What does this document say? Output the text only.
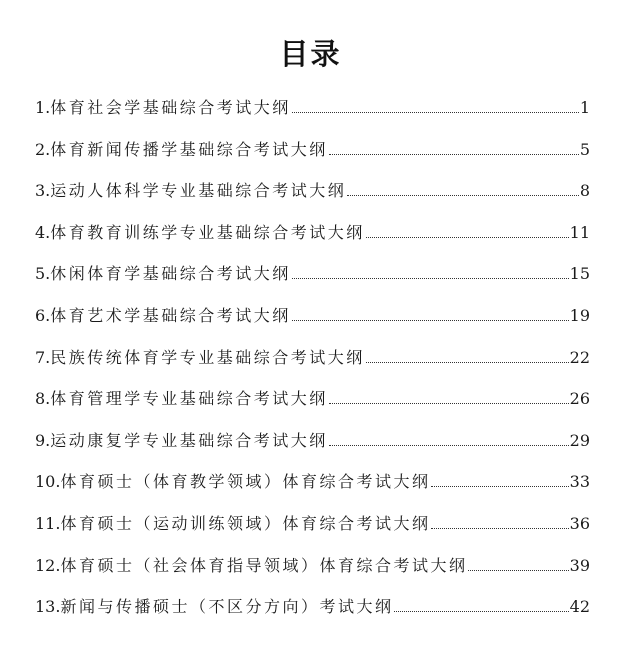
目录
1. 体育社会学基础综合考试大纲	1
2. 体育新闻传播学基础综合考试大纲	5
3. 运动人体科学专业基础综合考试大纲	8
4. 体育教育训练学专业基础综合考试大纲	11
5. 休闲体育学基础综合考试大纲	15
6. 体育艺术学基础综合考试大纲	19
7. 民族传统体育学专业基础综合考试大纲	22
8. 体育管理学专业基础综合考试大纲	26
9. 运动康复学专业基础综合考试大纲	29
10. 体育硕士（体育教学领域）体育综合考试大纲	33
11. 体育硕士（运动训练领域）体育综合考试大纲	36
12. 体育硕士（社会体育指导领域）体育综合考试大纲	39
13. 新闻与传播硕士（不区分方向）考试大纲	42
